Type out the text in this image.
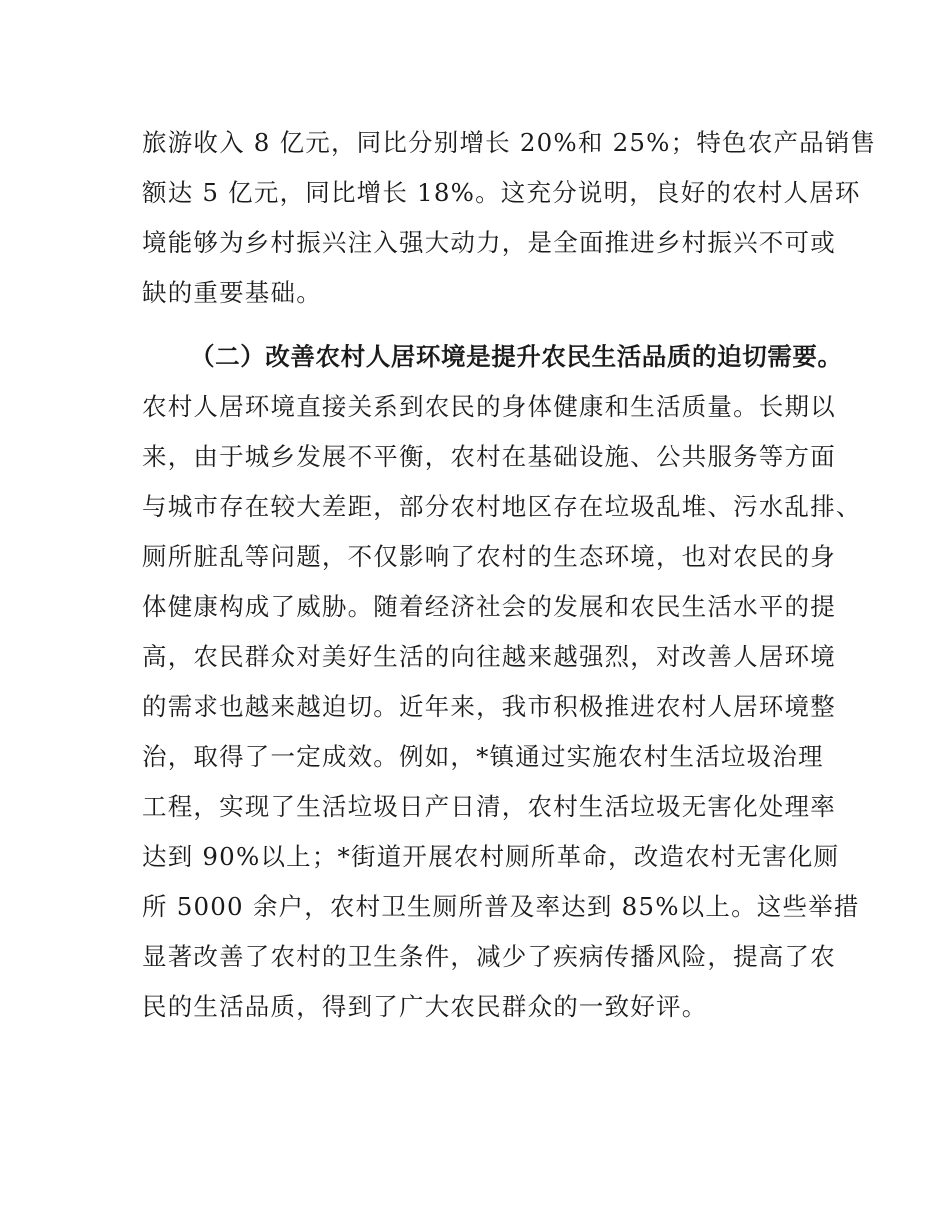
旅游收入 8 亿元，同比分别增长 20%和 25%；特色农产品销售
额达 5 亿元，同比增长 18%。这充分说明，良好的农村人居环
境能够为乡村振兴注入强大动力，是全面推进乡村振兴不可或
缺的重要基础。
（二）改善农村人居环境是提升农民生活品质的迫切需要。
农村人居环境直接关系到农民的身体健康和生活质量。长期以
来，由于城乡发展不平衡，农村在基础设施、公共服务等方面
与城市存在较大差距，部分农村地区存在垃圾乱堆、污水乱排、
厕所脏乱等问题，不仅影响了农村的生态环境，也对农民的身
体健康构成了威胁。随着经济社会的发展和农民生活水平的提
高，农民群众对美好生活的向往越来越强烈，对改善人居环境
的需求也越来越迫切。近年来，我市积极推进农村人居环境整
治，取得了一定成效。例如，*镇通过实施农村生活垃圾治理
工程，实现了生活垃圾日产日清，农村生活垃圾无害化处理率
达到 90%以上；*街道开展农村厕所革命，改造农村无害化厕
所 5000 余户，农村卫生厕所普及率达到 85%以上。这些举措
显著改善了农村的卫生条件，减少了疾病传播风险，提高了农
民的生活品质，得到了广大农民群众的一致好评。
